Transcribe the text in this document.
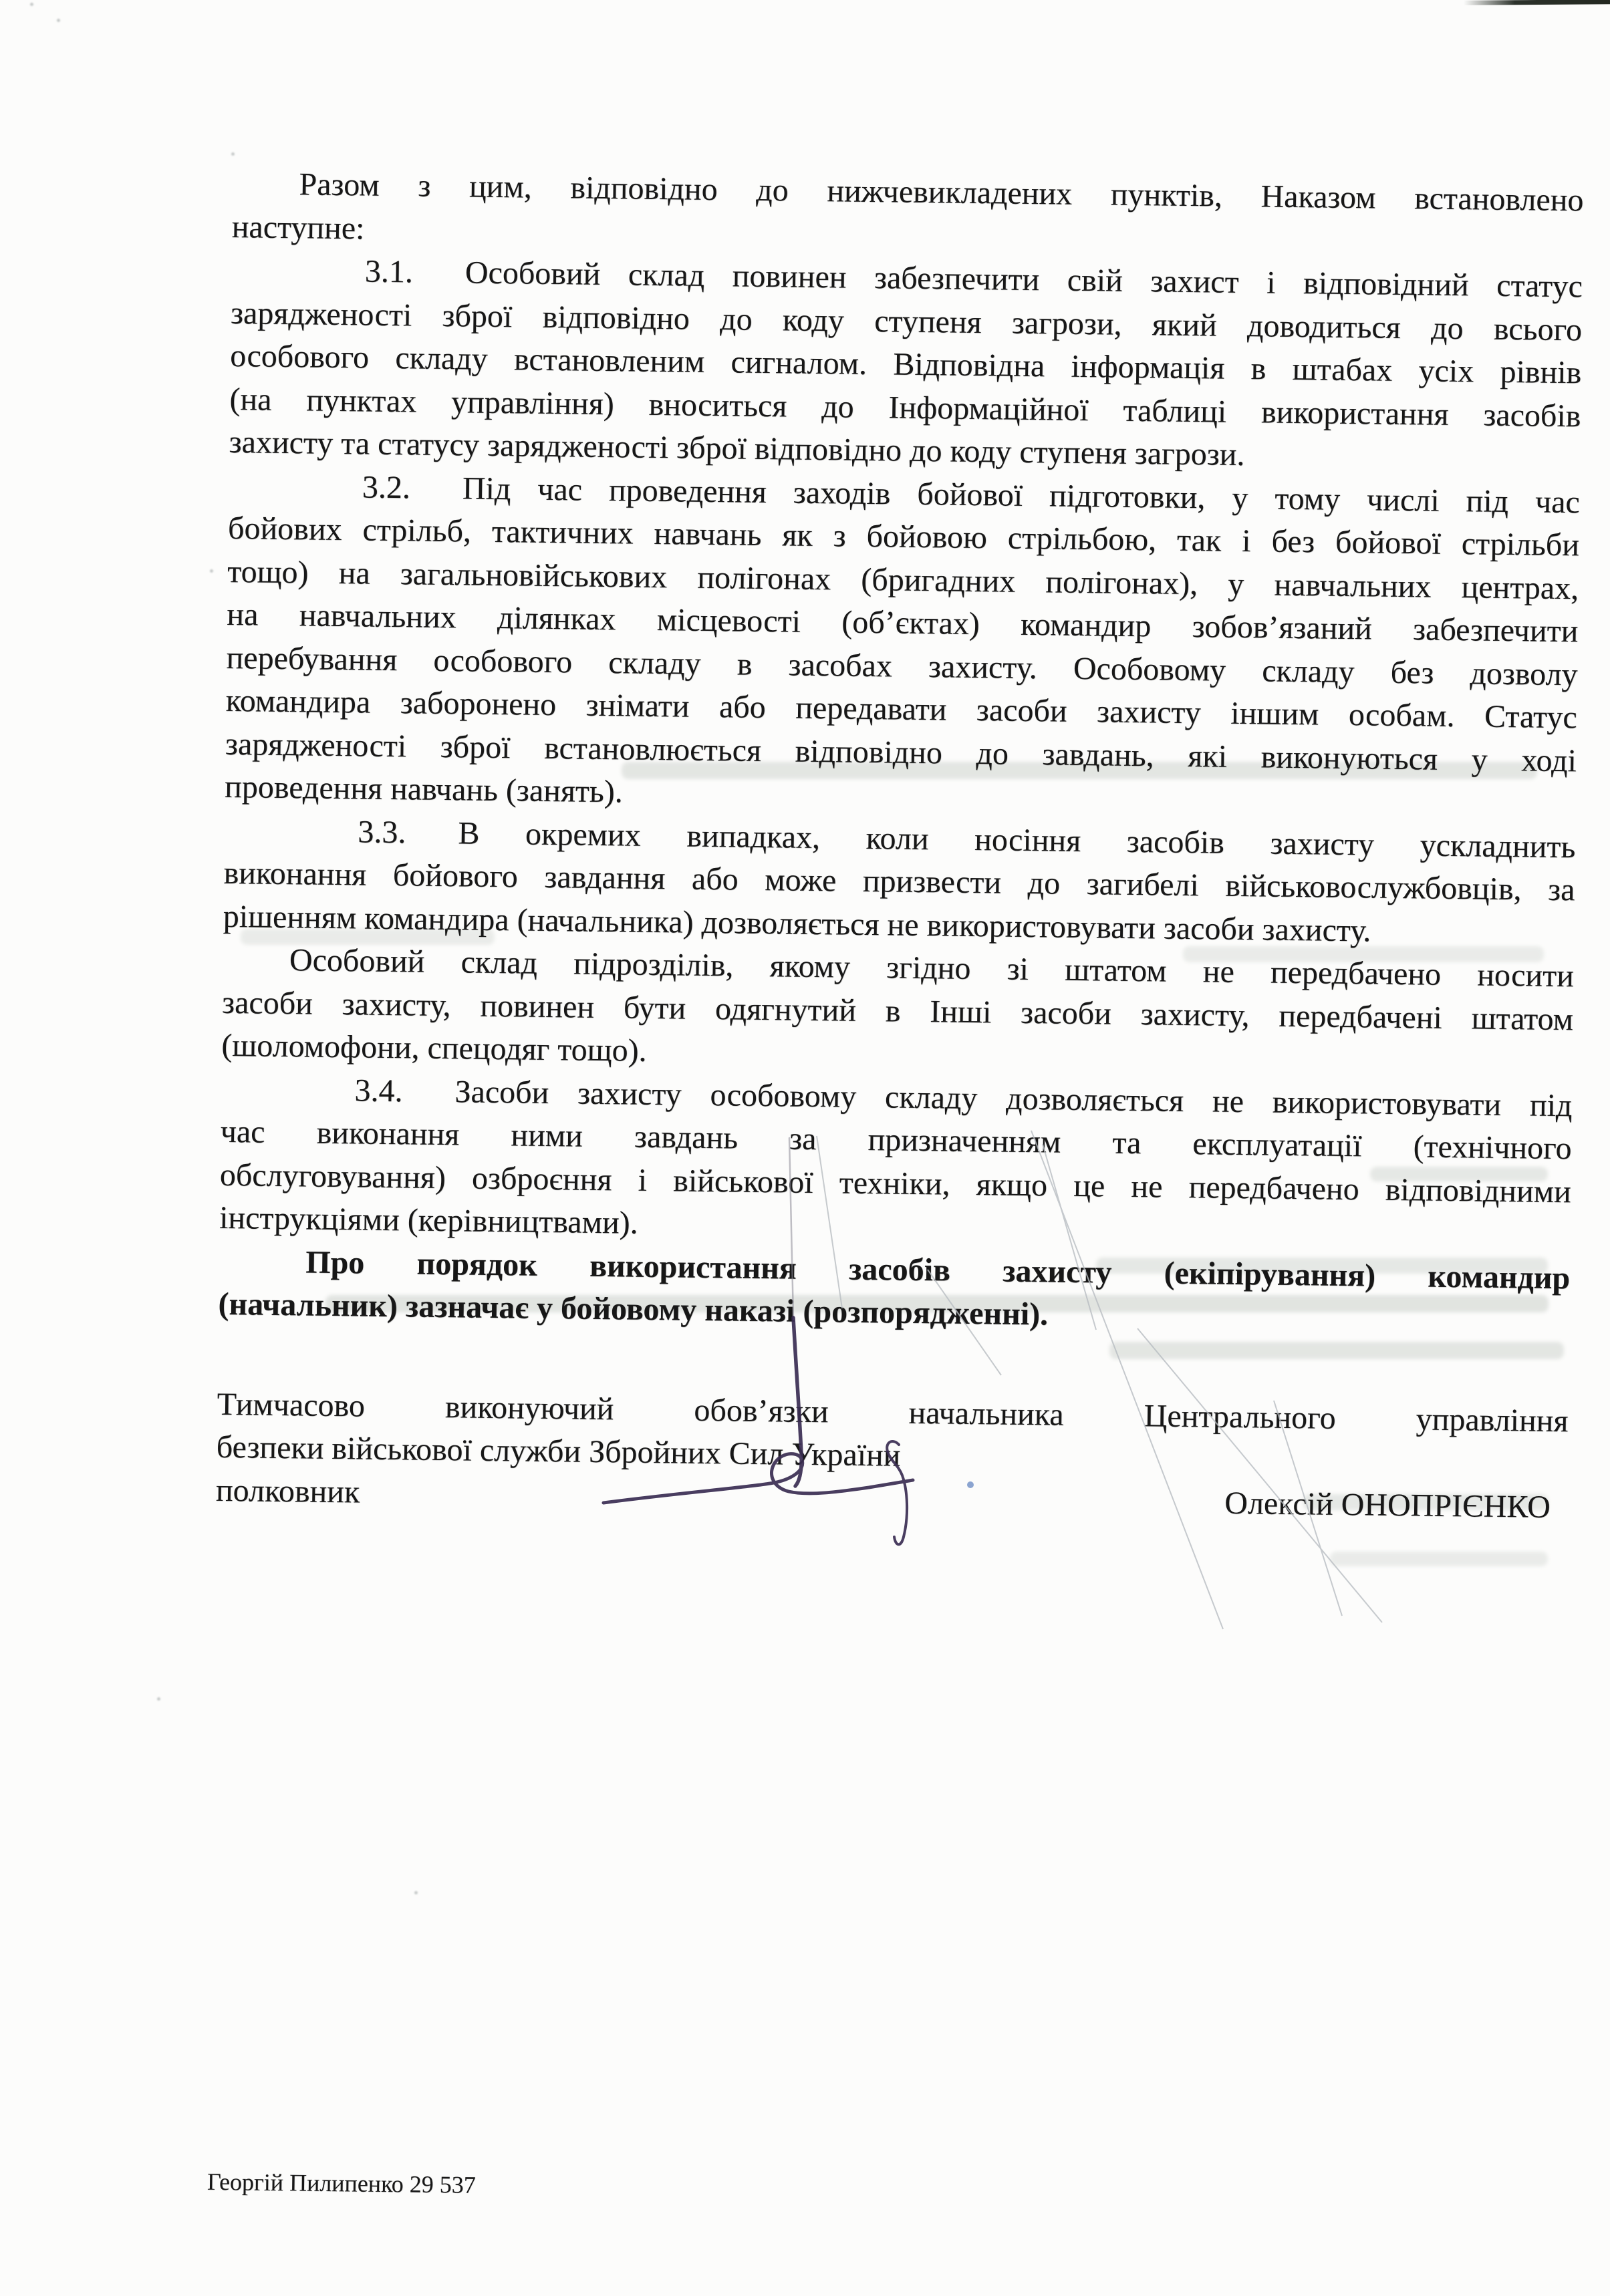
Разом з цим, відповідно до нижчевикладених пунктів, Наказом встановлено
наступне:
3.1. Особовий склад повинен забезпечити свій захист і відповідний статус
зарядженості зброї відповідно до коду ступеня загрози, який доводиться до всього
особового складу встановленим сигналом. Відповідна інформація в штабах усіх рівнів
(на пунктах управління) вноситься до Інформаційної таблиці використання засобів
захисту та статусу зарядженості зброї відповідно до коду ступеня загрози.
3.2. Під час проведення заходів бойової підготовки, у тому числі під час
бойових стрільб, тактичних навчань як з бойовою стрільбою, так і без бойової стрільби
тощо) на загальновійськових полігонах (бригадних полігонах), у навчальних центрах,
на навчальних ділянках місцевості (об’єктах) командир зобов’язаний забезпечити
перебування особового складу в засобах захисту. Особовому складу без дозволу
командира заборонено знімати або передавати засоби захисту іншим особам. Статус
зарядженості зброї встановлюється відповідно до завдань, які виконуються у ході
проведення навчань (занять).
3.3. В окремих випадках, коли носіння засобів захисту ускладнить
виконання бойового завдання або може призвести до загибелі військовослужбовців, за
рішенням командира (начальника) дозволяється не використовувати засоби захисту.
Особовий склад підрозділів, якому згідно зі штатом не передбачено носити
засоби захисту, повинен бути одягнутий в Інші засоби захисту, передбачені штатом
(шоломофони, спецодяг тощо).
3.4. Засоби захисту особовому складу дозволяється не використовувати під
час виконання ними завдань за призначенням та експлуатації (технічного
обслуговування) озброєння і військової техніки, якщо це не передбачено відповідними
інструкціями (керівництвами).
Про порядок використання засобів захисту (екіпірування) командир
(начальник) зазначає у бойовому наказі (розпорядженні).
Тимчасово виконуючий обов’язки начальника Центрального управління
безпеки військової служби Збройних Сил України
полковник	Олексій ОНОПРІЄНКО
Георгій Пилипенко 29 537
